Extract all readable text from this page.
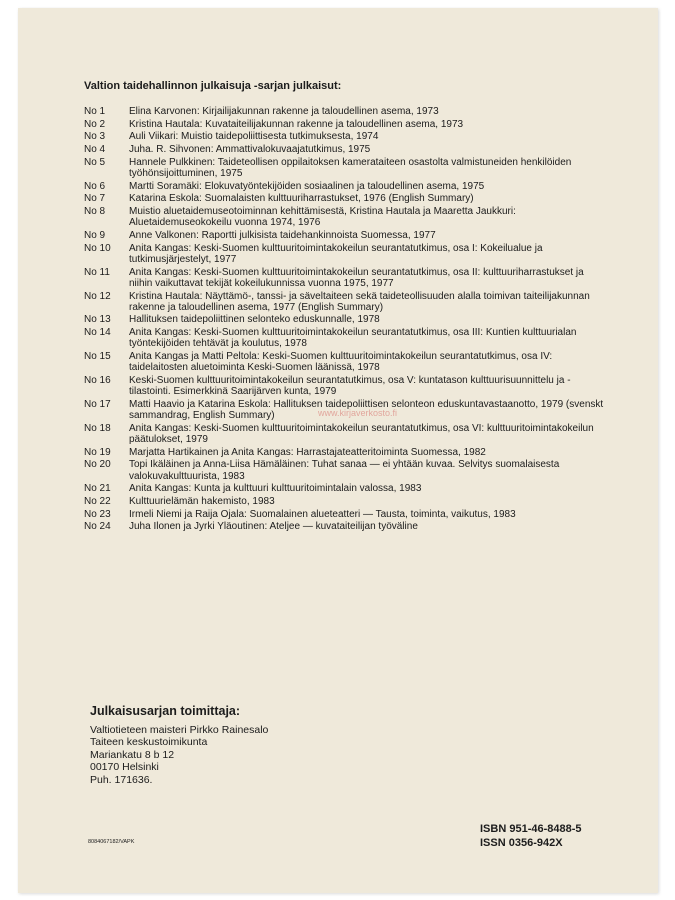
Valtion taidehallinnon julkaisuja -sarjan julkaisut:
No 1	Elina Karvonen: Kirjailijakunnan rakenne ja taloudellinen asema, 1973
No 2	Kristina Hautala: Kuvataiteilijakunnan rakenne ja taloudellinen asema, 1973
No 3	Auli Viikari: Muistio taidepoliittisesta tutkimuksesta, 1974
No 4	Juha. R. Sihvonen: Ammattivalokuvaajatutkimus, 1975
No 5	Hannele Pulkkinen: Taideteollisen oppilaitoksen kamerataiteen osastolta valmistuneiden henkilöiden työhönsijoittuminen, 1975
No 6	Martti Soramäki: Elokuvatyöntekijöiden sosiaalinen ja taloudellinen asema, 1975
No 7	Katarina Eskola: Suomalaisten kulttuuriharrastukset, 1976 (English Summary)
No 8	Muistio aluetaidemuseotoiminnan kehittämisestä, Kristina Hautala ja Maaretta Jaukkuri: Aluetaidemuseokokeilu vuonna 1974, 1976
No 9	Anne Valkonen: Raportti julkisista taidehankinnoista Suomessa, 1977
No 10	Anita Kangas: Keski-Suomen kulttuuritoimintakokeilun seurantatutkimus, osa I: Kokeilualue ja tutkimusjärjestelyt, 1977
No 11	Anita Kangas: Keski-Suomen kulttuuritoimintakokeilun seurantatutkimus, osa II: kulttuuriharrastukset ja niihin vaikuttavat tekijät kokeilukunnissa vuonna 1975, 1977
No 12	Kristina Hautala: Näyttämö-, tanssi- ja säveltaiteen sekä taideteollisuuden alalla toimivan taiteilijakunnan rakenne ja taloudellinen asema, 1977 (English Summary)
No 13	Hallituksen taidepoliittinen selonteko eduskunnalle, 1978
No 14	Anita Kangas: Keski-Suomen kulttuuritoimintakokeilun seurantatutkimus, osa III: Kuntien kulttuurialan työntekijöiden tehtävät ja koulutus, 1978
No 15	Anita Kangas ja Matti Peltola: Keski-Suomen kulttuuritoimintakokeilun seurantatutkimus, osa IV: taidelaitosten aluetoiminta Keski-Suomen läänissä, 1978
No 16	Keski-Suomen kulttuuritoimintakokeilun seurantatutkimus, osa V: kuntatason kulttuurisuunnittelu ja -tilastointi. Esimerkkinä Saarijärven kunta, 1979
No 17	Matti Haavio ja Katarina Eskola: Hallituksen taidepoliittisen selonteon eduskuntavastaanotto, 1979 (svenskt sammandrag, English Summary)
No 18	Anita Kangas: Keski-Suomen kulttuuritoimintakokeilun seurantatutkimus, osa VI: kulttuuritoimintakokeilun päätulokset, 1979
No 19	Marjatta Hartikainen ja Anita Kangas: Harrastajateatteritoiminta Suomessa, 1982
No 20	Topi Ikäläinen ja Anna-Liisa Hämäläinen: Tuhat sanaa — ei yhtään kuvaa. Selvitys suomalaisesta valokuvakulttuurista, 1983
No 21	Anita Kangas: Kunta ja kulttuuri kulttuuritoimintalain valossa, 1983
No 22	Kulttuurielämän hakemisto, 1983
No 23	Irmeli Niemi ja Raija Ojala: Suomalainen alueteatteri — Tausta, toiminta, vaikutus, 1983
No 24	Juha Ilonen ja Jyrki Yläoutinen: Ateljee — kuvataiteilijan työväline
www.kirjaverkosto.fi
Julkaisusarjan toimittaja:
Valtiotieteen maisteri Pirkko Rainesalo
Taiteen keskustoimikunta
Mariankatu 8 b 12
00170 Helsinki
Puh. 171636.
8084067182/VAPK
ISBN 951-46-8488-5
ISSN 0356-942X
